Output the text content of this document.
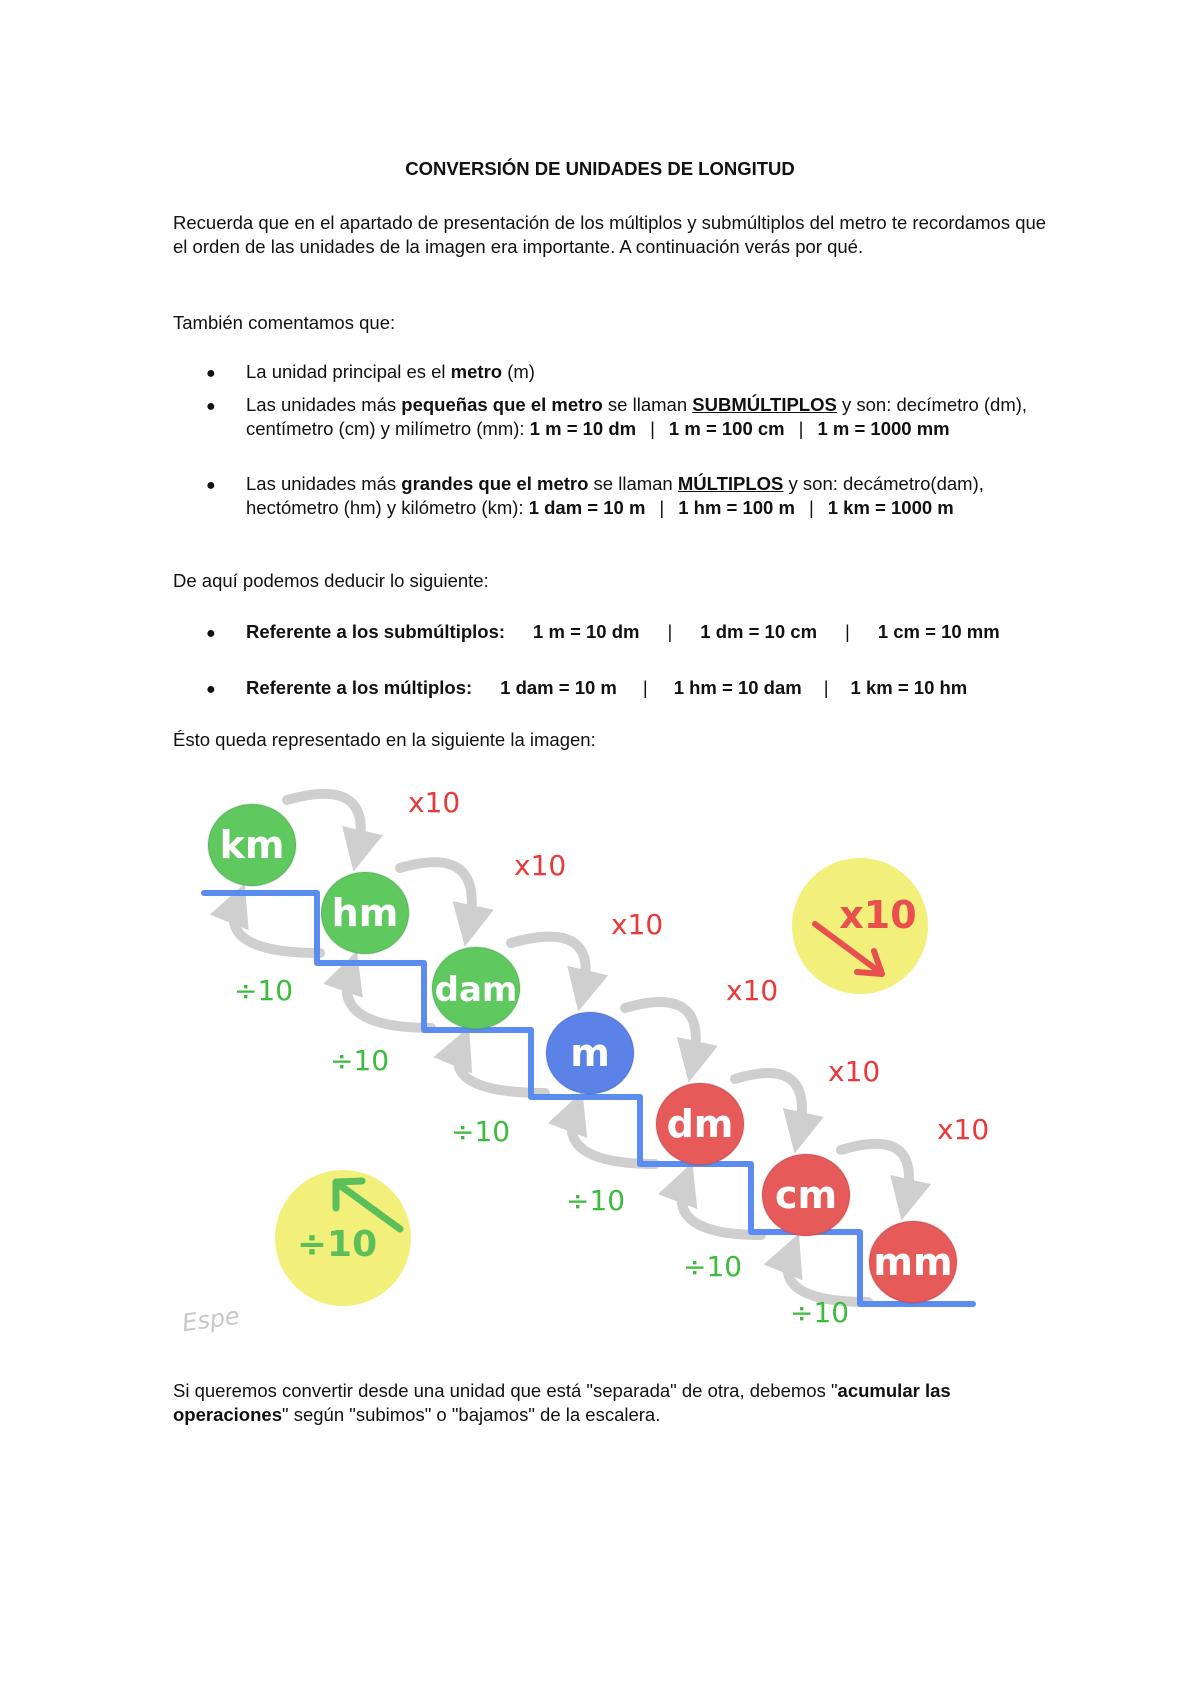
CONVERSIÓN DE UNIDADES DE LONGITUD
Recuerda que en el apartado de presentación de los múltiplos y submúltiplos del metro te recordamos que el orden de las unidades de la imagen era importante. A continuación verás por qué.
También comentamos que:
● La unidad principal es el metro (m)
● Las unidades más pequeñas que el metro se llaman SUBMÚLTIPLOS y son: decímetro (dm), centímetro (cm) y milímetro (mm): 1 m = 10 dm | 1 m = 100 cm | 1 m = 1000 mm
● Las unidades más grandes que el metro se llaman MÚLTIPLOS y son: decámetro(dam), hectómetro (hm) y kilómetro (km): 1 dam = 10 m | 1 hm = 100 m | 1 km = 1000 m
De aquí podemos deducir lo siguiente:
● Referente a los submúltiplos: 1 m = 10 dm | 1 dm = 10 cm | 1 cm = 10 mm
● Referente a los múltiplos: 1 dam = 10 m | 1 hm = 10 dam | 1 km = 10 hm
Ésto queda representado en la siguiente la imagen:
km
hm
dam
m
dm
cm
mm
x10
x10
x10
x10
x10
x10
÷10
÷10
÷10
÷10
÷10
÷10
x10
÷10
Espe
Si queremos convertir desde una unidad que está "separada" de otra, debemos "acumular las operaciones" según "subimos" o "bajamos" de la escalera.
